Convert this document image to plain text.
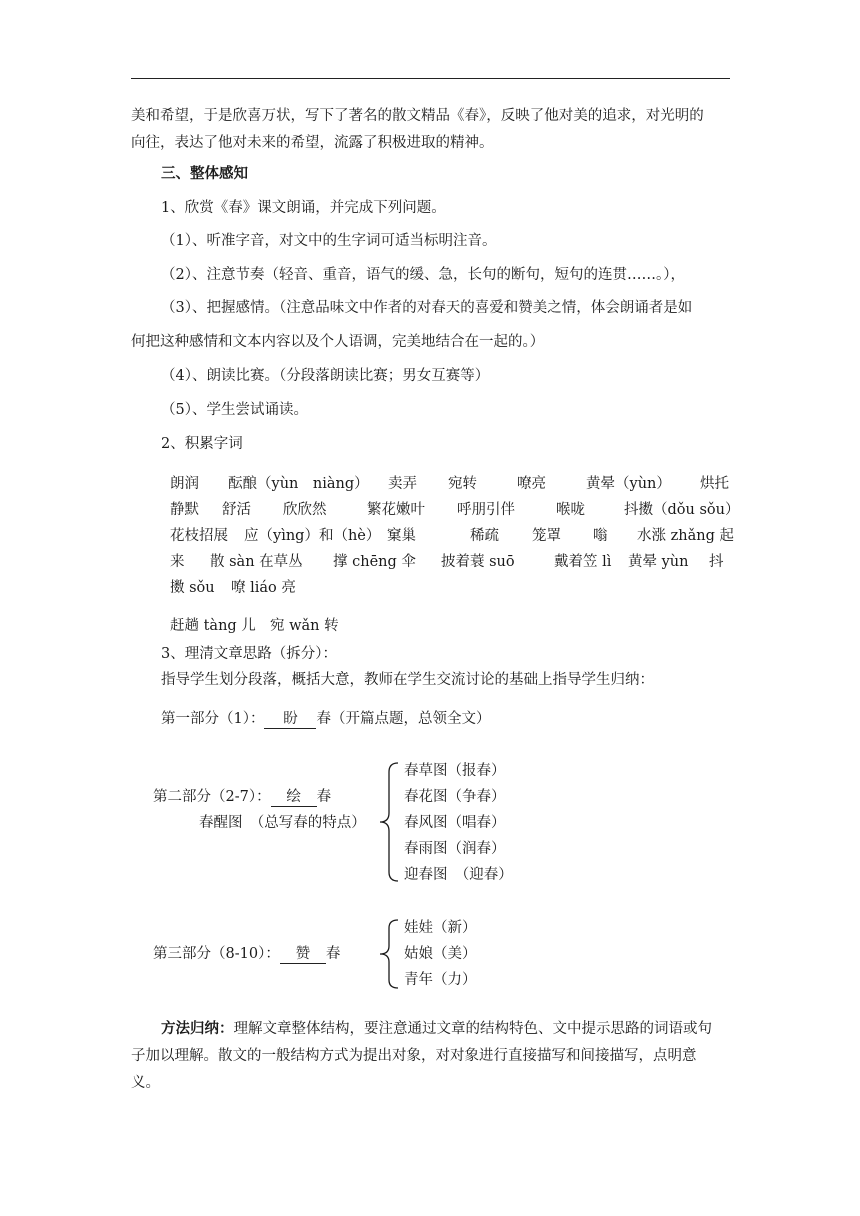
美和希望，于是欣喜万状，写下了著名的散文精品《春》，反映了他对美的追求，对光明的
向往，表达了他对未来的希望，流露了积极进取的精神。
三、整体感知
1、欣赏《春》课文朗诵，并完成下列问题。
（1）、听准字音，对文中的生字词可适当标明注音。
（2）、注意节奏（轻音、重音，语气的缓、急，长句的断句，短句的连贯……。），
（3）、把握感情。（注意品味文中作者的对春天的喜爱和赞美之情，体会朗诵者是如
何把这种感情和文本内容以及个人语调，完美地结合在一起的。）
（4）、朗读比赛。（分段落朗读比赛；男女互赛等）
（5）、学生尝试诵读。
2、积累字词
朗润 酝酿（yùn　niàng） 卖弄 宛转	嘹亮	黄晕（yùn） 烘托
静默 舒活 欣欣然	繁花嫩叶 呼朋引伴	喉咙	抖擞（dǒu sǒu）
花枝招展 应（yìng）和（hè） 窠巢	稀疏 笼罩 嗡 水涨 zhǎng 起
来 散 sàn 在草丛 撑 chēng 伞 披着蓑 suō	戴着笠 lì 黄晕 yùn 抖
擞 sǒu 嘹 liáo 亮
赶趟 tàng 儿 宛 wǎn 转
3、理清文章思路（拆分）：
指导学生划分段落，概括大意，教师在学生交流讨论的基础上指导学生归纳：
第一部分（1）： 盼 春（开篇点题，总领全文）
第二部分（2-7）： 绘 春
春醒图　（总写春的特点）
春草图（报春）
春花图（争春）
春风图（唱春）
春雨图（润春）
迎春图　（迎春）
第三部分（8-10）： 赞 春
娃娃（新）
姑娘（美）
青年（力）
方法归纳：理解文章整体结构，要注意通过文章的结构特色、文中提示思路的词语或句
子加以理解。散文的一般结构方式为提出对象，对对象进行直接描写和间接描写，点明意
义。
